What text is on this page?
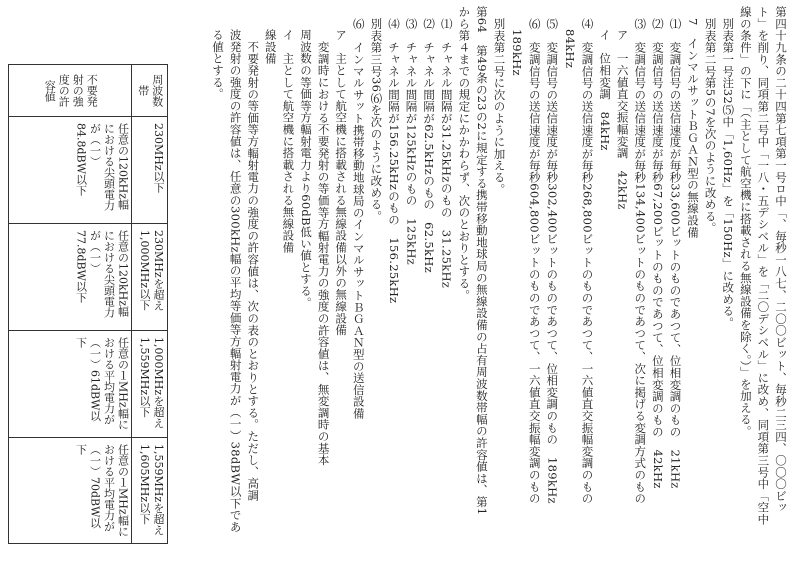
第四十九条の二十四第七項第一号ロ中「、毎秒一八七、二〇〇ビット、毎秒二三四、〇〇〇ビッ
ト」を削り、同項第二号中「一八・五デシベル」を「二〇デシベル」に改め、同項第三号中「空中
線の条件」の下に「（主として航空機に搭載される無線設備を除く。）」を加える。
別表第一号注32⑸中「1,60Hz」を「150Hz」に改める。
別表第二号第5の7を次のように改める。
7　インマルサットＢＧＡＮ型の無線設備
⑴　変調信号の送信速度が毎秒33,600ビットのものであつて、位相変調のもの　21kHz
⑵　変調信号の送信速度が毎秒67,200ビットのものであつて、位相変調のもの　42kHz
⑶　変調信号の送信速度が毎秒134,400ビットのものであつて、次に掲げる変調方式のもの
ア　一六値直交振幅変調　42kHz
イ　位相変調　84kHz
⑷　変調信号の送信速度が毎秒268,800ビットのものであつて、一六値直交振幅変調のもの
84kHz
⑸　変調信号の送信速度が毎秒302,400ビットのものであつて、位相変調のもの　189kHz
⑹　変調信号の送信速度が毎秒604,800ビットのものであつて、一六値直交振幅変調のもの
189kHz
別表第二号に次のように加える。
第64　第49条の23の2に規定する携帯移動地球局の無線設備の占有周波数帯幅の許容値は、第1
から第４までの規定にかかわらず、次のとおりとする。
⑴　チャネル間隔が31.25kHzのもの　31.25kHz
⑵　チャネル間隔が62.5kHzのもの　62.5kHz
⑶　チャネル間隔が125kHzのもの　125kHz
⑷　チャネル間隔が156.25kHzのもの　156.25kHz
別表第三号36⑹を次のように改める。
⑹　インマルサット携帯移動地球局のインマルサットＢＧＡＮ型の送信設備
ア　主として航空機に搭載される無線設備以外の無線設備
変調時における不要発射の等価等方輻射電力の強度の許容値は、無変調時の基本
周波数の等価等方輻射電力より60dB低い値とする。
イ　主として航空機に搭載される無線設備
線設備
不要発射の等価等方輻射電力の強度の許容値は、次の表のとおりとする。ただし、高調
波発射の強度の許容値は、任意の300kHz幅の平均等価等方輻射電力が（一）38dBW以下であ
る値とする。
周波数帯
230MHz以下
230MHzを超え1,000MHz以下
1,000MHzを超え1,559MHz以下
1,559MHzを超え1,605MHz以下
不要発射の強度の許容値
任意の120kHz幅における尖頭電力が（一）84.8dBW以下
任意の120kHz幅における尖頭電力が（一）77.8dBW以下
任意の１MHz幅における平均電力が（一）61dBW以下
任意の１MHz幅における平均電力が（一）70dBW以下
